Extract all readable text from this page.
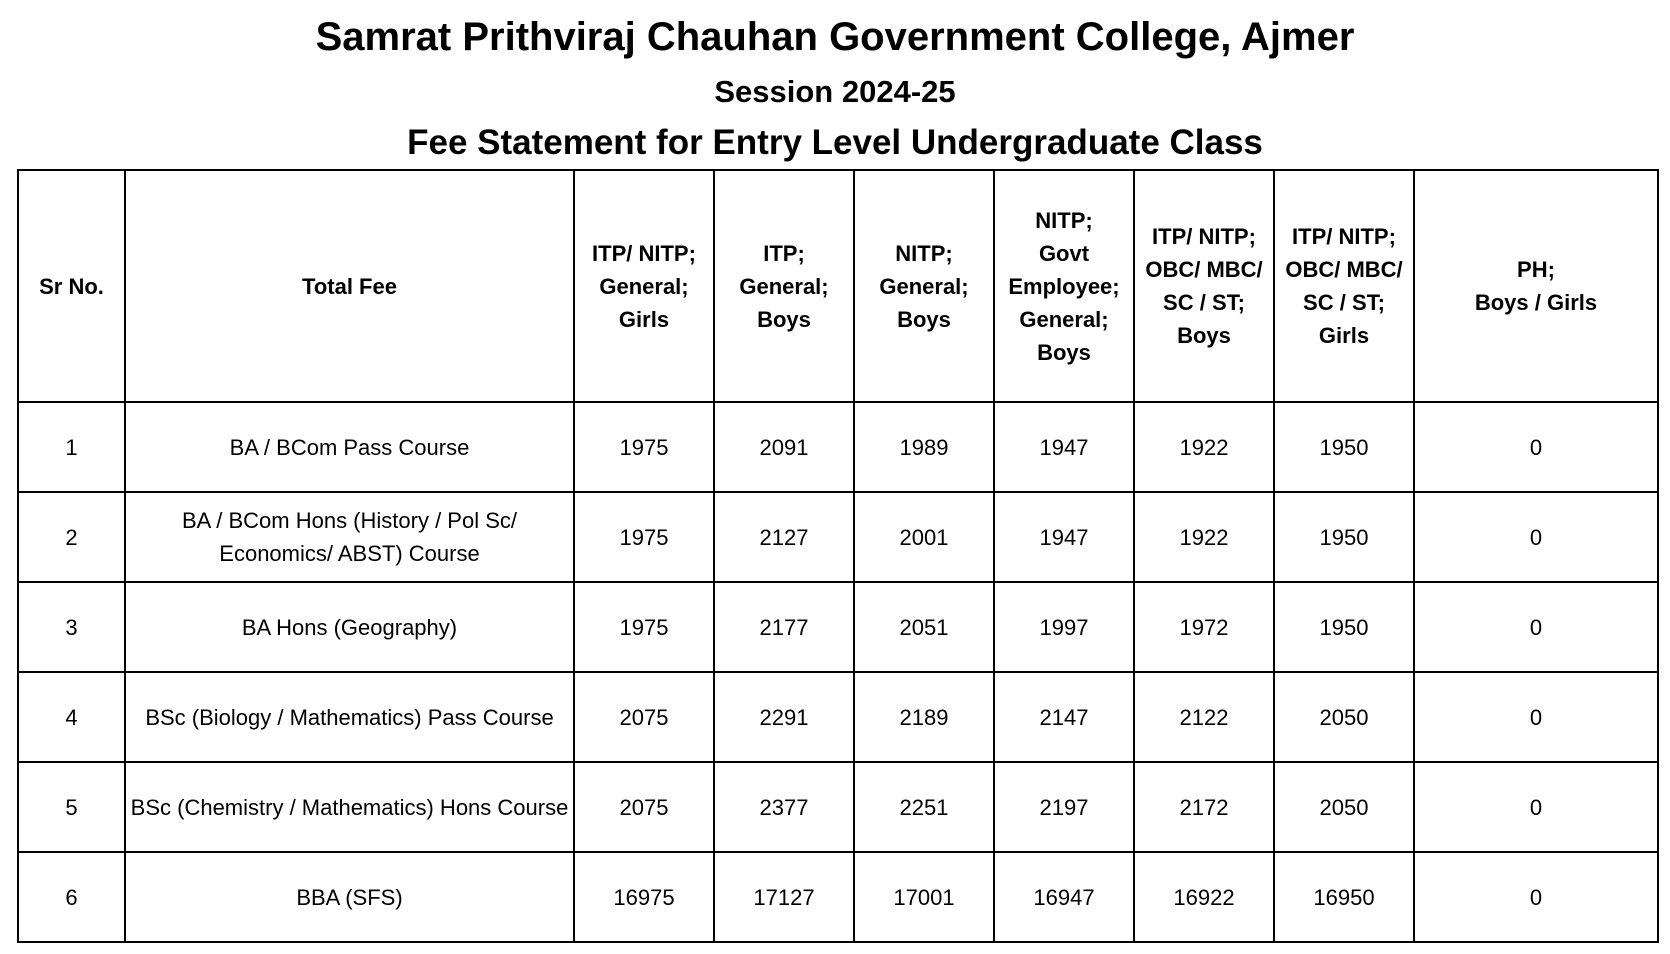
Samrat Prithviraj Chauhan Government College, Ajmer
Session 2024-25
Fee Statement for Entry Level Undergraduate Class
Sr No.	Total Fee	ITP/ NITP;
General;
Girls	ITP;
General;
Boys	NITP;
General;
Boys	NITP;
Govt
Employee;
General;
Boys	ITP/ NITP;
OBC/ MBC/
SC / ST;
Boys	ITP/ NITP;
OBC/ MBC/
SC / ST;
Girls	PH;
Boys / Girls

1	BA / BCom Pass Course	1975	2091	1989	1947	1922	1950	0
2	BA / BCom Hons (History / Pol Sc/
Economics/ ABST) Course	1975	2127	2001	1947	1922	1950	0
3	BA Hons (Geography)	1975	2177	2051	1997	1972	1950	0
4	BSc (Biology / Mathematics) Pass Course	2075	2291	2189	2147	2122	2050	0
5	BSc (Chemistry / Mathematics) Hons Course	2075	2377	2251	2197	2172	2050	0
6	BBA (SFS)	16975	17127	17001	16947	16922	16950	0
